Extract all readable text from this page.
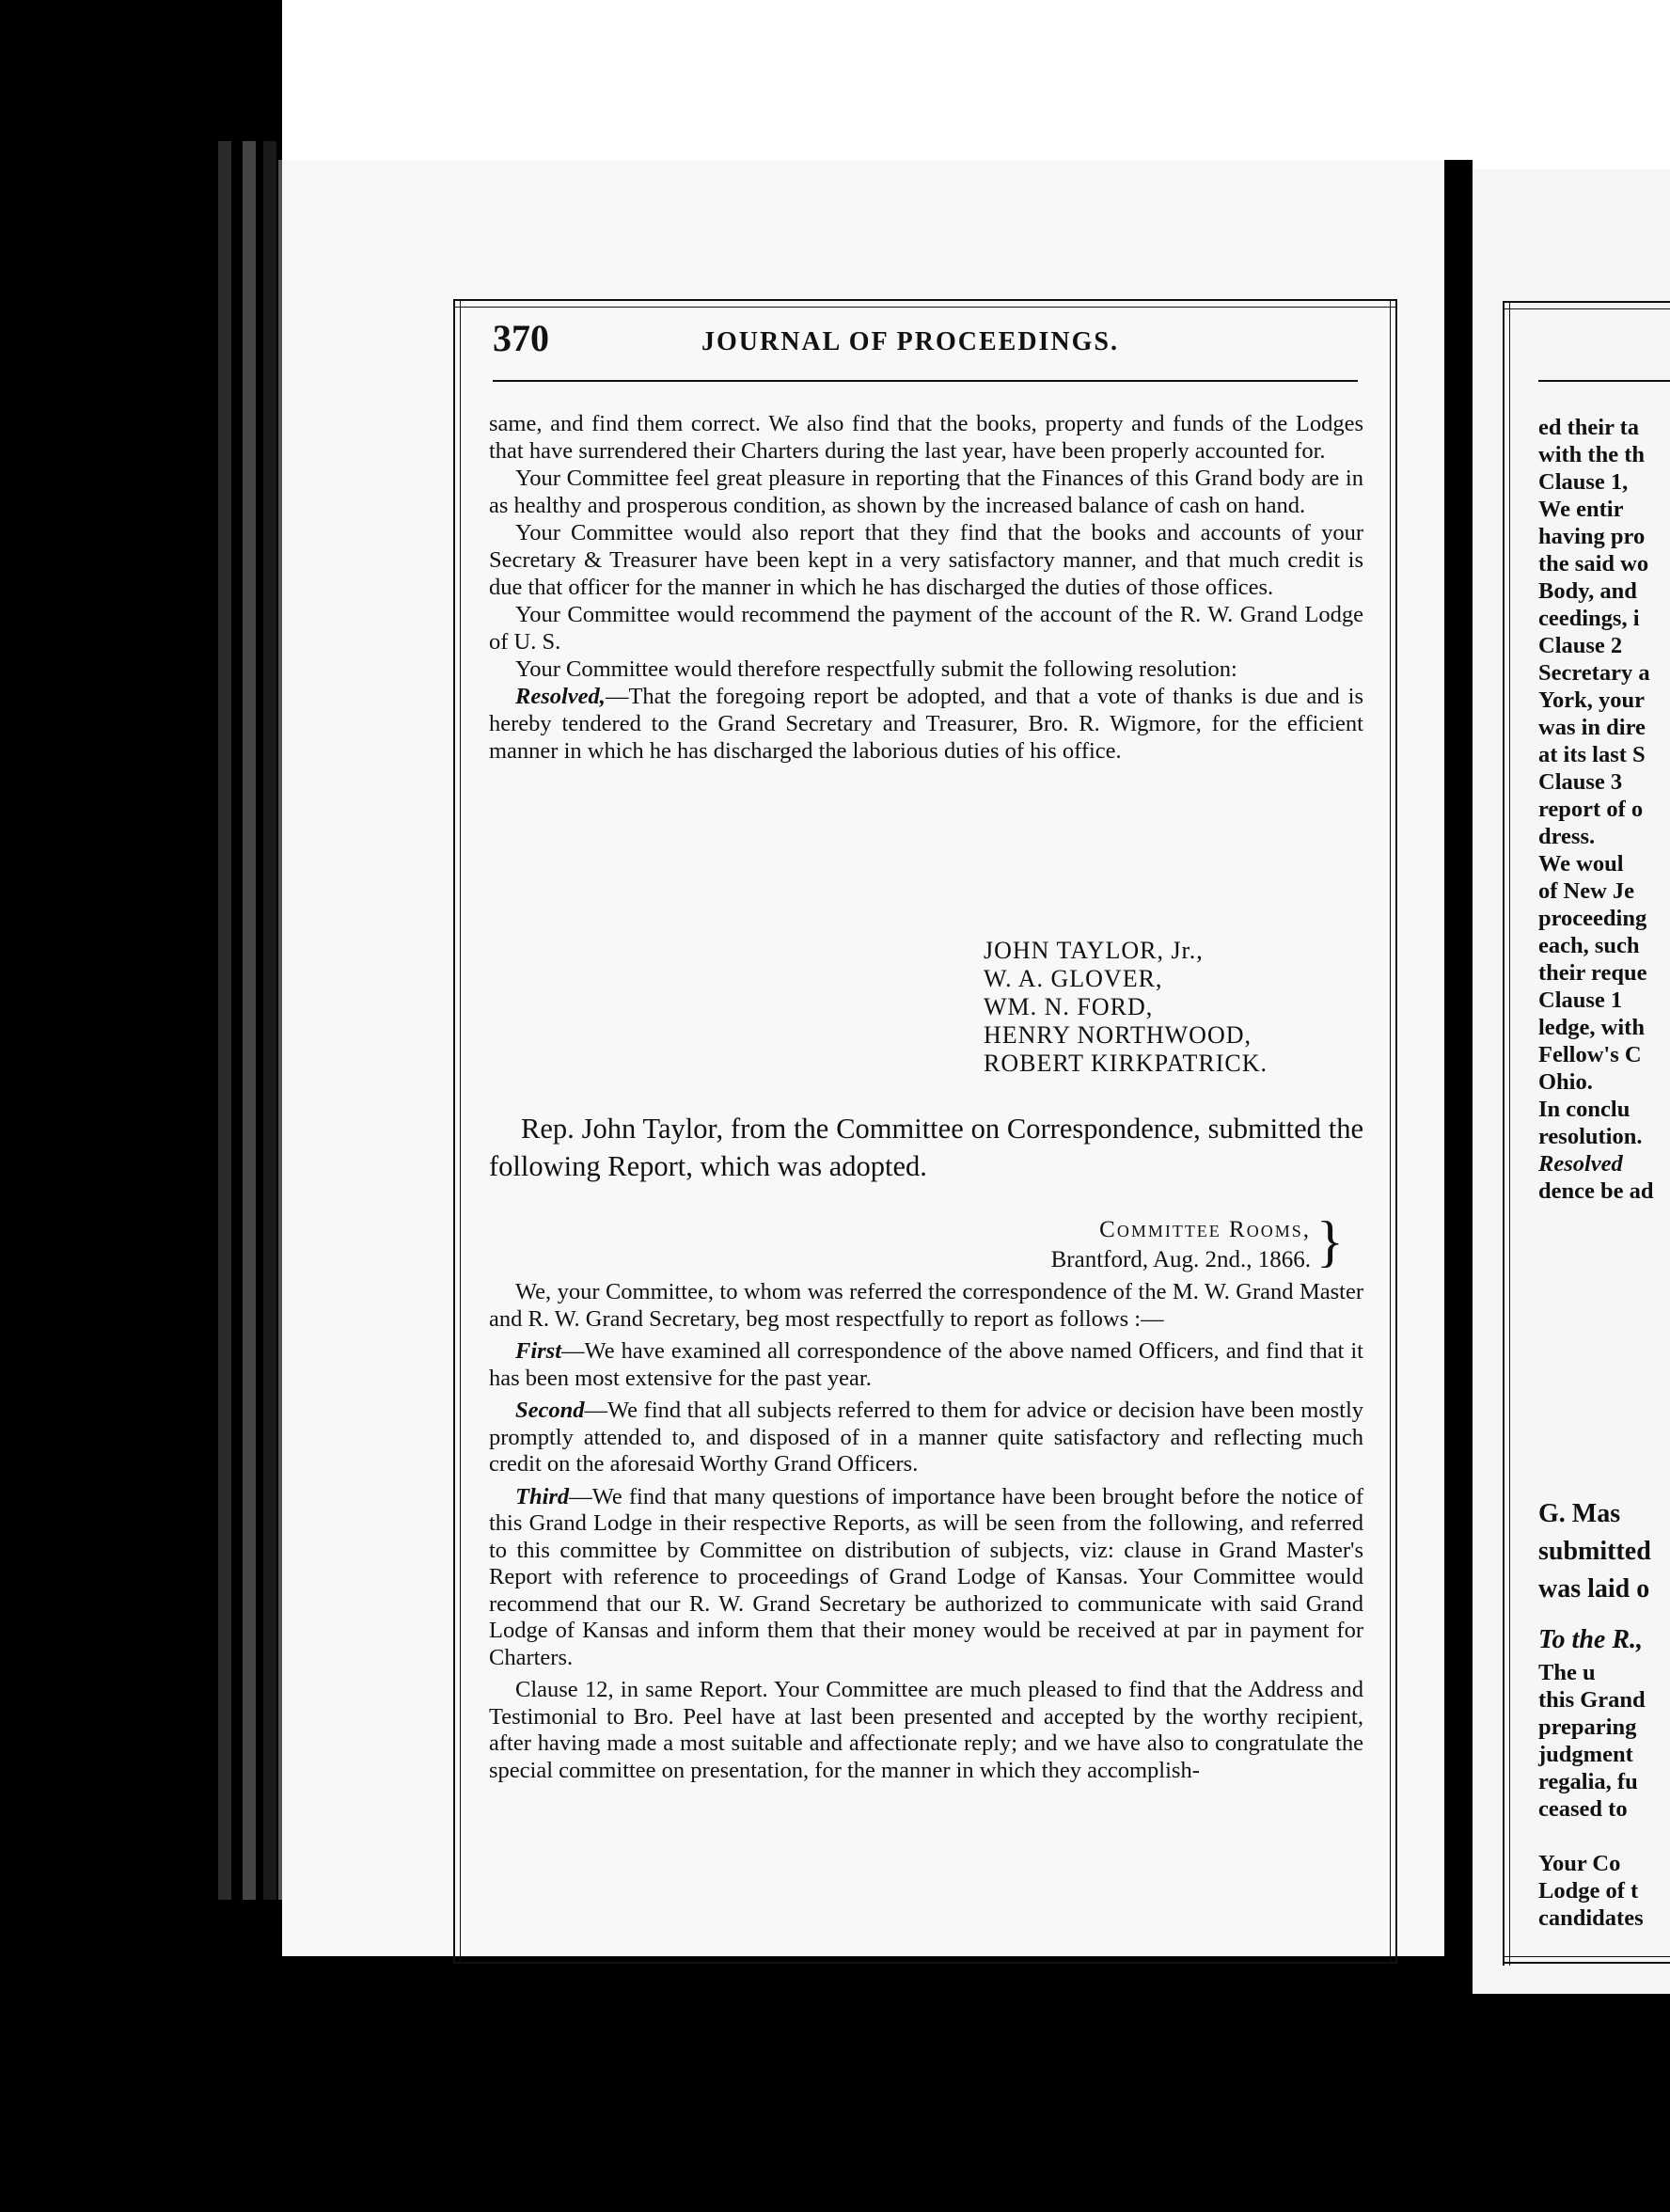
370	JOURNAL OF PROCEEDINGS.

same, and find them correct. We also find that the books, property and funds of the Lodges that have surrendered their Charters during the last year, have been properly accounted for.

Your Committee feel great pleasure in reporting that the Finances of this Grand body are in as healthy and prosperous condition, as shown by the increased balance of cash on hand.

Your Committee would also report that they find that the books and accounts of your Secretary & Treasurer have been kept in a very satisfactory manner, and that much credit is due that officer for the manner in which he has discharged the duties of those offices.

Your Committee would recommend the payment of the account of the R. W. Grand Lodge of U. S.

Your Committee would therefore respectfully submit the following resolution:

Resolved,—That the foregoing report be adopted, and that a vote of thanks is due and is hereby tendered to the Grand Secretary and Treasurer, Bro. R. Wigmore, for the efficient manner in which he has discharged the laborious duties of his office.

JOHN TAYLOR, Jr.,
W. A. GLOVER,
WM. N. FORD,
HENRY NORTHWOOD,
ROBERT KIRKPATRICK.

Rep. John Taylor, from the Committee on Correspondence, submitted the following Report, which was adopted.

Committee Rooms,
Brantford, Aug. 2nd., 1866. }

We, your Committee, to whom was referred the correspondence of the M. W. Grand Master and R. W. Grand Secretary, beg most respectfully to report as follows :—

First—We have examined all correspondence of the above named Officers, and find that it has been most extensive for the past year.

Second—We find that all subjects referred to them for advice or decision have been mostly promptly attended to, and disposed of in a manner quite satisfactory and reflecting much credit on the aforesaid Worthy Grand Officers.

Third—We find that many questions of importance have been brought before the notice of this Grand Lodge in their respective Reports, as will be seen from the following, and referred to this committee by Committee on distribution of subjects, viz: clause in Grand Master's Report with reference to proceedings of Grand Lodge of Kansas. Your Committee would recommend that our R. W. Grand Secretary be authorized to communicate with said Grand Lodge of Kansas and inform them that their money would be received at par in payment for Charters.

Clause 12, in same Report. Your Committee are much pleased to find that the Address and Testimonial to Bro. Peel have at last been presented and accepted by the worthy recipient, after having made a most suitable and affectionate reply; and we have also to congratulate the special committee on presentation, for the manner in which they accomplish-

ed their ta
with the th
Clause 1,
We entir
having pro
the said wo
Body, and
ceedings, i
Clause 2
Secretary a
York, your
was in dire
at its last S
Clause 3
report of o
dress.
We woul
of New Je
proceeding
each, such
their reque
Clause 1
ledge, with
Fellow's C
Ohio.
In conclu
resolution.
Resolved
dence be ad
G. Mas
submitted
was laid o
To the R.,
The u
this Grand
preparing
judgment
regalia, fu
ceased to
Your Co
Lodge of t
candidates
